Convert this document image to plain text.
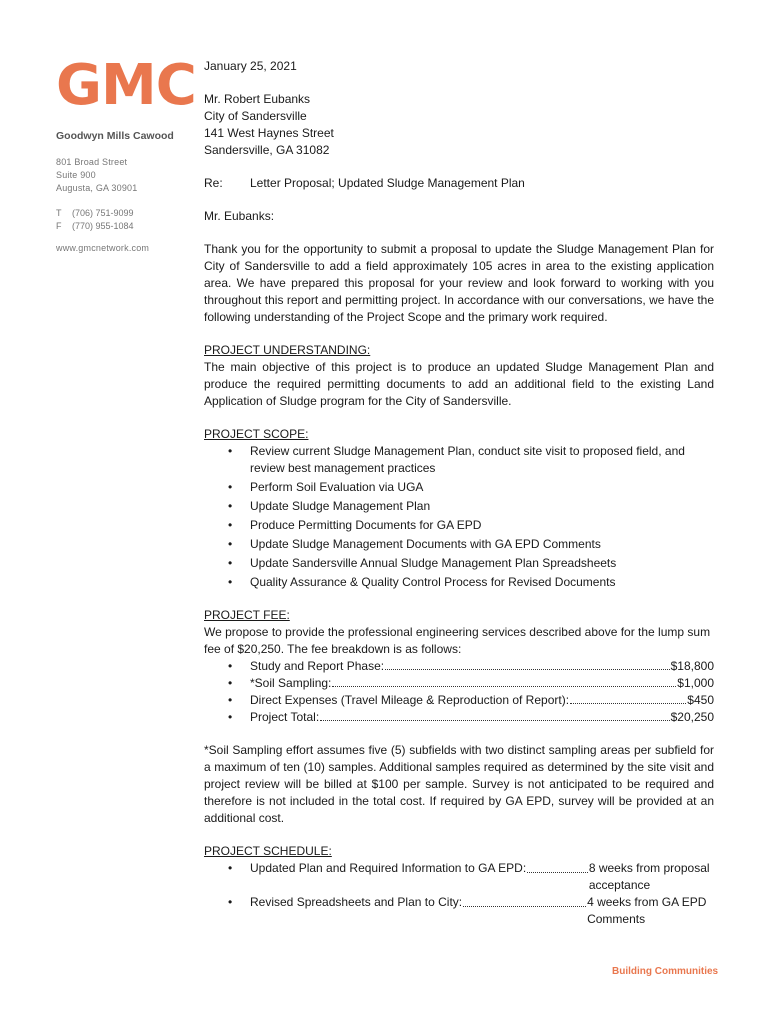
GMC
Goodwyn Mills Cawood
801 Broad Street
Suite 900
Augusta, GA 30901
T (706) 751-9099
F (770) 955-1084
www.gmcnetwork.com

January 25, 2021

Mr. Robert Eubanks

City of Sandersville

141 West Haynes Street

Sandersville, GA 31082

Re:	Letter Proposal; Updated Sludge Management Plan

Mr. Eubanks:

Thank you for the opportunity to submit a proposal to update the Sludge Management Plan for City of Sandersville to add a field approximately 105 acres in area to the existing application area. We have prepared this proposal for your review and look forward to working with you throughout this report and permitting project. In accordance with our conversations, we have the following understanding of the Project Scope and the primary work required.

PROJECT UNDERSTANDING:

The main objective of this project is to produce an updated Sludge Management Plan and produce the required permitting documents to add an additional field to the existing Land Application of Sludge program for the City of Sandersville.

PROJECT SCOPE:

• Review current Sludge Management Plan, conduct site visit to proposed field, and review best management practices
• Perform Soil Evaluation via UGA
• Update Sludge Management Plan
• Produce Permitting Documents for GA EPD
• Update Sludge Management Documents with GA EPD Comments
• Update Sandersville Annual Sludge Management Plan Spreadsheets
• Quality Assurance & Quality Control Process for Revised Documents

PROJECT FEE:

We propose to provide the professional engineering services described above for the lump sum fee of $20,250. The fee breakdown is as follows:

• Study and Report Phase:	$18,800
• *Soil Sampling:	$1,000
• Direct Expenses (Travel Mileage & Reproduction of Report):	$450
• Project Total:	$20,250

*Soil Sampling effort assumes five (5) subfields with two distinct sampling areas per subfield for a maximum of ten (10) samples. Additional samples required as determined by the site visit and project review will be billed at $100 per sample. Survey is not anticipated to be required and therefore is not included in the total cost. If required by GA EPD, survey will be provided at an additional cost.

PROJECT SCHEDULE:

• Updated Plan and Required Information to GA EPD:	8 weeks from proposal acceptance
• Revised Spreadsheets and Plan to City:	4 weeks from GA EPD Comments
Building Communities
